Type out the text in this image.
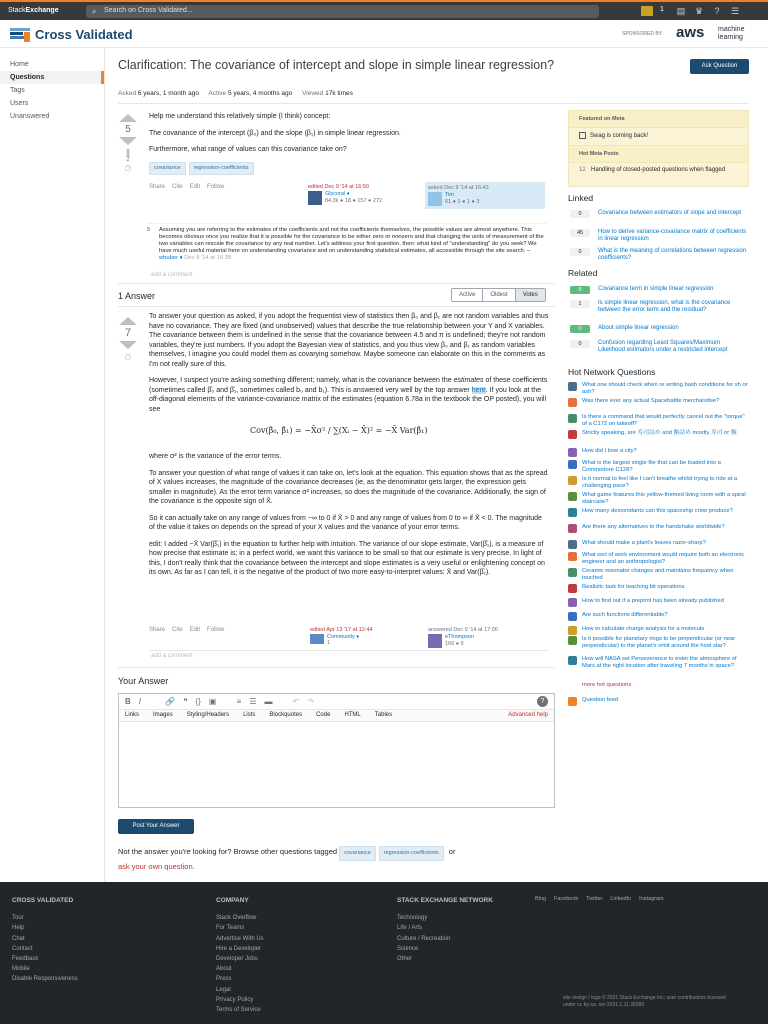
StackExchange	⌕ Search on Cross Validated...	1 ▤ ♛ ? ☰
Cross Validated	SPONSORED BY aws machine
learning
Home
Questions
Tags
Users
Unanswered
Clarification: The covariance of intercept and slope in simple linear regression?	Ask Question
Asked 6 years, 1 month ago Active 5 years, 4 months ago Viewed 17k times
5
❚
2
◷

Help me understand this relatively simple (I think) concept:

The covariance of the intercept (β₀) and the slope (β₁) in simple linear regression.

Furthermore, what range of values can this covariance take on?

covariance regression-coefficients
Share Cite Edit Follow	edited Dec 9 '14 at 16:50
Glycoral ♦
84.3k ● 18 ● 157 ● 272
asked Dec 9 '14 at 16:43
Tim
61 ● 1 ● 1 ● 3
5 Assuming you are referring to the estimates of the coefficients and not the coefficients themselves, the possible values are almost anywhere. This becomes obvious once you realize that it is possible for the covariance to be either zero or nonzero and that changing the units of measurement of the two variables can rescale the covariance by any real number. Let's address your first question, then: what kind of "understanding" do you seek? We have much useful material here on understanding covariance and on understanding statistical estimates, all accessible through the site search. – whuber ♦ Dec 9 '14 at 16:38
add a comment
1 Answer	Active	Oldest	Votes
7
◷

To answer your question as asked, if you adopt the frequentist view of statistics then β₀ and β₁ are not random variables and thus have no covariance. They are fixed (and unobserved) values that describe the true relationship between your Y and X variables. The covariance between them is undefined in the sense that the covariance between 4.5 and π is undefined; they're not random variables, they're just numbers. If you adopt the Bayesian view of statistics, and you thus view β₀ and β₁ as random variables themselves, I imagine you could model them as covarying somehow. Maybe someone can elaborate on this in the comments as I'm not really sure of this.

However, I suspect you're asking something different; namely, what is the covariance between the estimates of these coefficients (sometimes called β̂₀ and β̂₁, sometimes called b₀ and b₁). This is answered very well by the top answer here. If you look at the off-diagonal elements of the variance-covariance matrix of the estimates (equation 6.78a in the textbook the OP posted), you will see

Cov(β̂₀, β̂₁) = −X̄σ² / ∑(Xᵢ − X̄)² = −X̄ Var(β̂₁)

where σ² is the variance of the error terms.

To answer your question of what range of values it can take on, let's look at the equation. This equation shows that as the spread of X values increases, the magnitude of the covariance decreases (ie, as the denominator gets larger, the expression gets smaller in magnitude). As the error term variance σ² increases, so does the magnitude of the covariance. Additionally, the sign of the covariance is the opposite sign of X̄.

So it can actually take on any range of values from −∞ to 0 if X̄ > 0 and any range of values from 0 to ∞ if X̄ < 0. The magnitude of the value it takes on depends on the spread of your X values and the variance of your error terms.

edit: I added −X̄ Var(β̂₁) in the equation to further help with intuition. The variance of our slope estimate, Var(β̂₁), is a measure of how precise that estimate is; in a perfect world, we want this variance to be small so that our estimate is very precise. In light of this, I don't really think that the covariance between the intercept and slope estimates is a very useful or enlightening concept on its own. As far as I can tell, it is the negative of the product of two more easy-to-interpret values: X̄ and Var(β̂₁).

Share Cite Edit Follow	edited Apr 13 '17 at 12:44
Community ♦
1
answered Dec 9 '14 at 17:00
eThompson
166 ● 9
add a comment
Your Answer
B I	🔗 ❝ {} ▣	≡ ☰ ▬	↶ ↷	?
Links Images Styling/Headers Lists Blockquotes Code HTML Tables	Advanced help
Post Your Answer
Not the answer you're looking for? Browse other questions tagged covariance regression-coefficients or
ask your own question.
Featured on Meta
Swag is coming back!
Hot Meta Posts
12 Handling of closed-posted questions when flagged
Linked
0	Covariance between estimators of slope and intercept
45	How to derive variance-covariance matrix of coefficients in linear regression
0	What is the meaning of correlations between regression coefficients?
Related
6	Covariance term in simple linear regression
1	Is simple linear regression, what is the covariance between the error term and the residual?
0	About simple linear regression
0	Confusion regarding Least Squares/Maximum Likelihood estimators under a restricted intercept
Hot Network Questions
What one should check when re writing bash conditions for sh or ash?
Was there ever any actual Spacebattle merchandise?
Is there a command that would perfectly cancel out the "torque" of a C172 on takeoff?
Strictly speaking, are 寿司詰め and 鮨詰め mostly 寿司 or 鮨
How did I lose a city?
What is the largest single file that can be loaded into a Commodore C128?
Is it normal to feel like I can't breathe whilst trying to ride at a challenging pace?
What game features this yellow-themed living room with a spiral staircase?
How many descendants can this spaceship crew produce?
Are there any alternatives to the handshake worldwide?
What should make a plant's leaves razor-sharp?
What sort of work environment would require both an electronic engineer and an anthropologist?
Ceramic resonator changes and maintains frequency when touched
Realistic task for teaching bit operations
How to find out if a preprint has been already published
Are such functions differentiable?
How to calculate charge analysis for a molecule
Is it possible for planetary rings to be perpendicular (or near perpendicular) to the planet's orbit around the host star?
How will NASA set Perseverance to enter the atmosphere of Mars at the right location after traveling 7 months in space?
more hot questions
Question feed
CROSS VALIDATED
Tour
Help
Chat
Contact
Feedback
Mobile
Disable Responsiveness
COMPANY
Stack Overflow
For Teams
Advertise With Us
Hire a Developer
Developer Jobs
About
Press
Legal
Privacy Policy
Terms of Service
STACK EXCHANGE NETWORK
Technology
Life / Arts
Culture / Recreation
Science
Other
Blog Facebook Twitter LinkedIn Instagram
site design / logo © 2021 Stack Exchange Inc; user contributions licensed
under cc by-sa. rev 2021.1.11.38289
